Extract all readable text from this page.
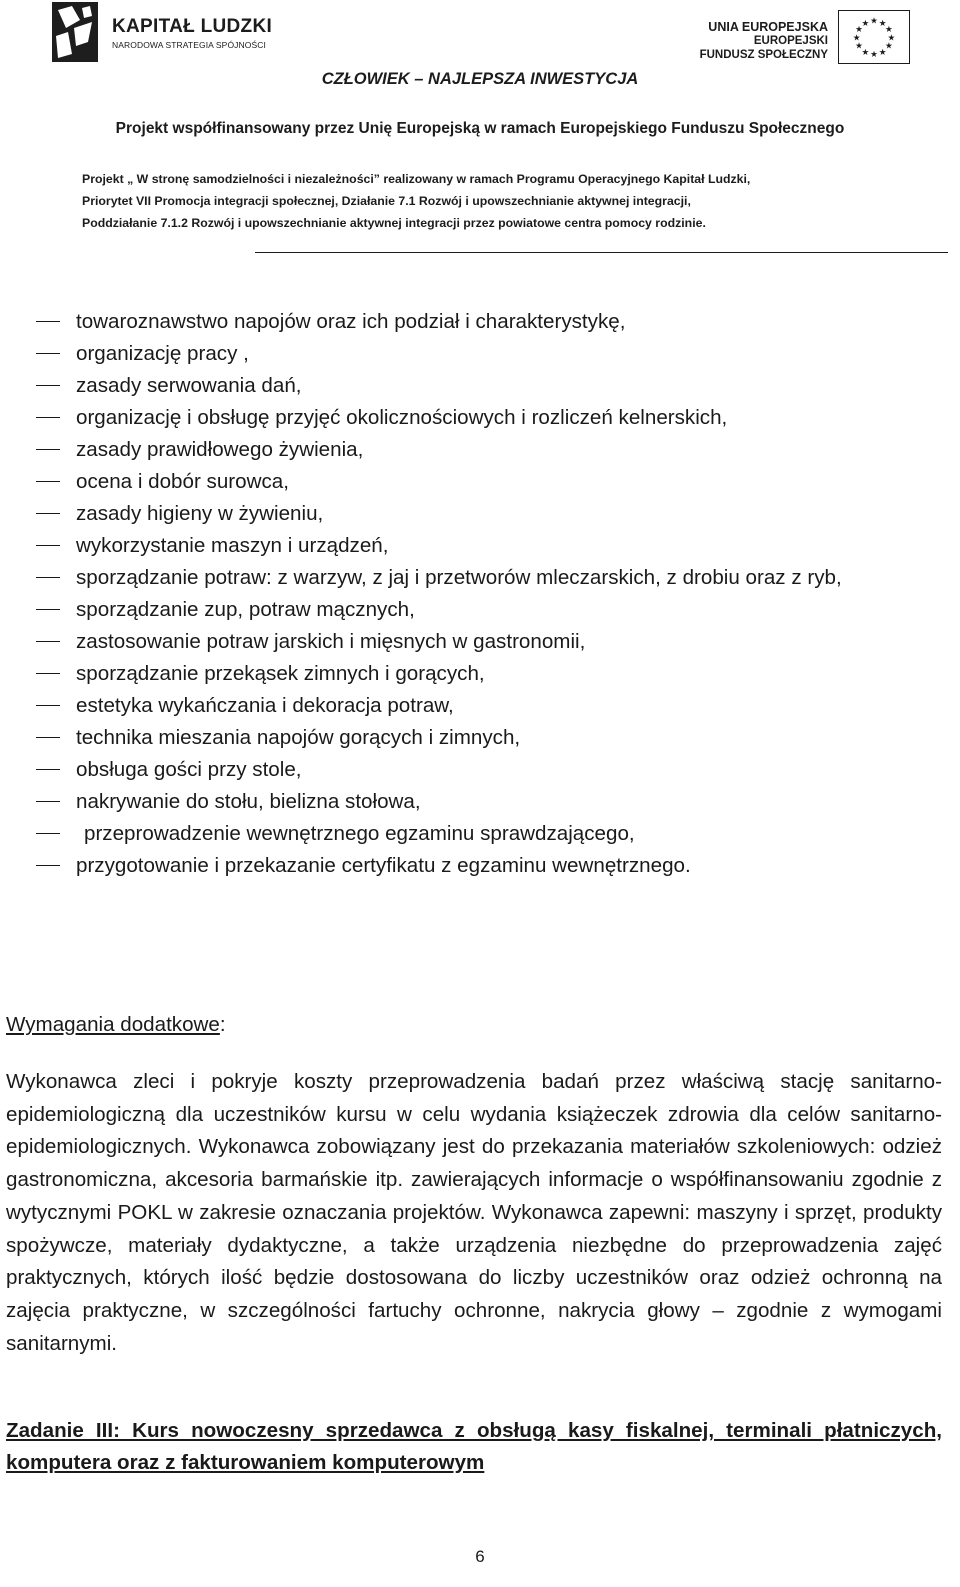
KAPITAŁ LUDZKI
NARODOWA STRATEGIA SPÓJNOŚCI
UNIA EUROPEJSKA
EUROPEJSKI
FUNDUSZ SPOŁECZNY
★ ★
★
★
★
★
★
★
★
★
★
★
CZŁOWIEK – NAJLEPSZA INWESTYCJA
Projekt współfinansowany przez Unię Europejską w ramach Europejskiego Funduszu Społecznego
Projekt „ W stronę samodzielności i niezależności” realizowany w ramach Programu Operacyjnego Kapitał Ludzki,
Priorytet VII Promocja integracji społecznej, Działanie 7.1 Rozwój i upowszechnianie aktywnej integracji,
Poddziałanie 7.1.2 Rozwój i upowszechnianie aktywnej integracji przez powiatowe centra pomocy rodzinie.
towaroznawstwo napojów oraz ich podział i charakterystykę,
organizację pracy ,
zasady serwowania dań,
organizację i obsługę przyjęć okolicznościowych i rozliczeń kelnerskich,
zasady prawidłowego żywienia,
ocena i dobór surowca,
zasady higieny w żywieniu,
wykorzystanie maszyn i urządzeń,
sporządzanie potraw: z warzyw, z jaj i przetworów mleczarskich, z drobiu oraz z ryb,
sporządzanie zup, potraw mącznych,
zastosowanie potraw jarskich i mięsnych w gastronomii,
sporządzanie przekąsek zimnych i gorących,
estetyka wykańczania i dekoracja potraw,
technika mieszania napojów gorących i zimnych,
obsługa gości przy stole,
nakrywanie do stołu, bielizna stołowa,
przeprowadzenie wewnętrznego egzaminu sprawdzającego,
przygotowanie i przekazanie certyfikatu z egzaminu wewnętrznego.
Wymagania dodatkowe:

Wykonawca zleci i pokryje koszty przeprowadzenia badań przez właściwą stację sanitarno-epidemiologiczną dla uczestników kursu w celu wydania książeczek zdrowia dla celów sanitarno-epidemiologicznych. Wykonawca zobowiązany jest do przekazania materiałów szkoleniowych: odzież gastronomiczna, akcesoria barmańskie itp. zawierających informacje o współfinansowaniu zgodnie z wytycznymi POKL w zakresie oznaczania projektów. Wykonawca zapewni: maszyny i sprzęt, produkty spożywcze, materiały dydaktyczne, a także urządzenia niezbędne do przeprowadzenia zajęć praktycznych, których ilość będzie dostosowana do liczby uczestników oraz odzież ochronną na zajęcia praktyczne, w szczególności fartuchy ochronne, nakrycia głowy – zgodnie z wymogami sanitarnymi.

Zadanie III: Kurs nowoczesny sprzedawca z obsługą kasy fiskalnej, terminali płatniczych, komputera oraz z fakturowaniem komputerowym

6
